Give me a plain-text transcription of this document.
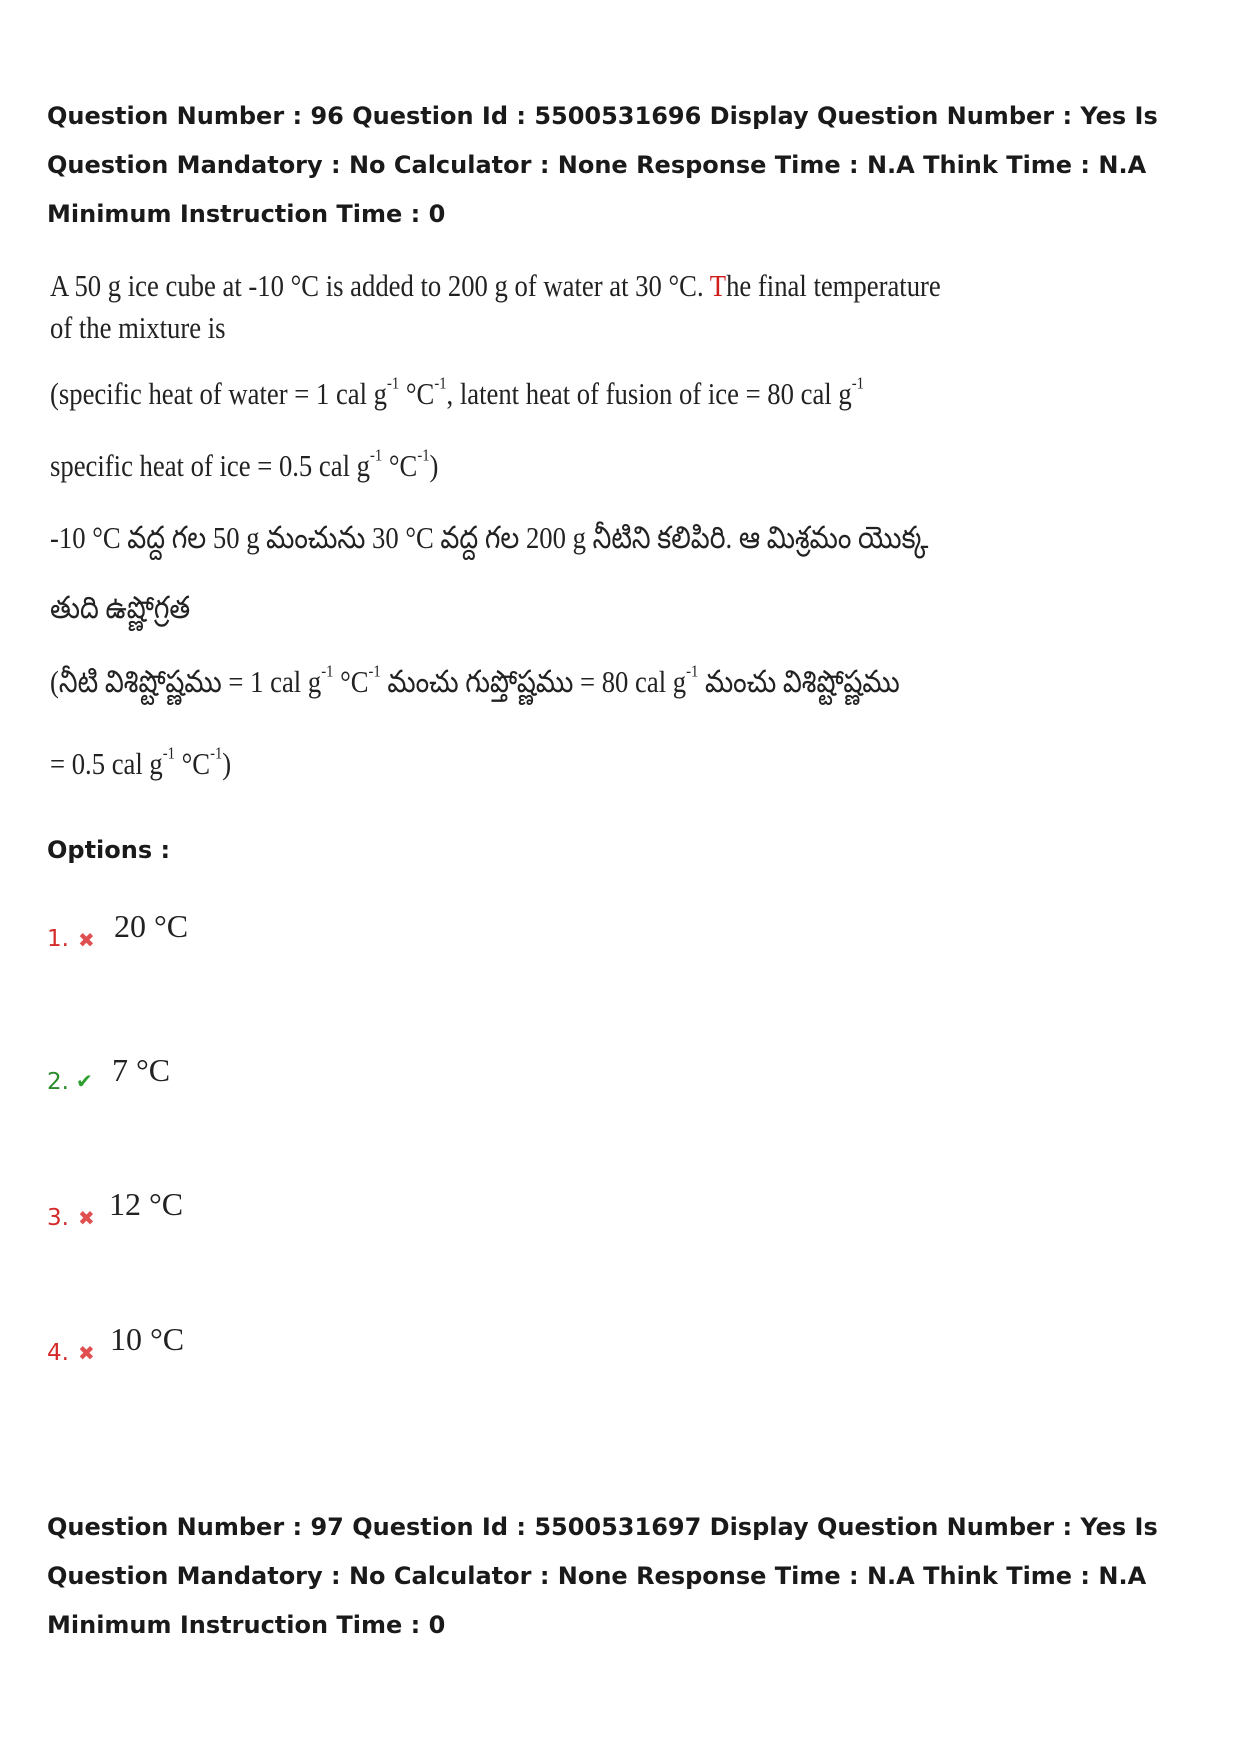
Question Number : 96 Question Id : 5500531696 Display Question Number : Yes Is Question Mandatory : No Calculator : None Response Time : N.A Think Time : N.A Minimum Instruction Time : 0
A 50 g ice cube at -10 °C is added to 200 g of water at 30 °C. The final temperature
of the mixture is
(specific heat of water = 1 cal $g^{-1}$ $^\circ C^{-1}$, latent heat of fusion of ice = 80 cal $g^{-1}$
specific heat of ice = 0.5 cal $g^{-1}$ $^\circ C^{-1}$)
-10 °C వద్ద గల 50 g మంచును 30 °C వద్ద గల 200 g నీటిని కలిపిరి. ఆ మిశ్రమం యొక్క
తుది ఉష్ణోగ్రత
(నీటి విశిష్టోష్ణము = 1 cal $g^{-1}$ $^\circ C^{-1}$ మంచు గుప్తోష్ణము = 80 cal $g^{-1}$ మంచు విశిష్టోష్ణము
= 0.5 cal $g^{-1}$ $^\circ C^{-1}$)
Options :
1. ✖ 20 °C
2. ✔ 7 °C
3. ✖ 12 °C
4. ✖ 10 °C
Question Number : 97 Question Id : 5500531697 Display Question Number : Yes Is Question Mandatory : No Calculator : None Response Time : N.A Think Time : N.A Minimum Instruction Time : 0
